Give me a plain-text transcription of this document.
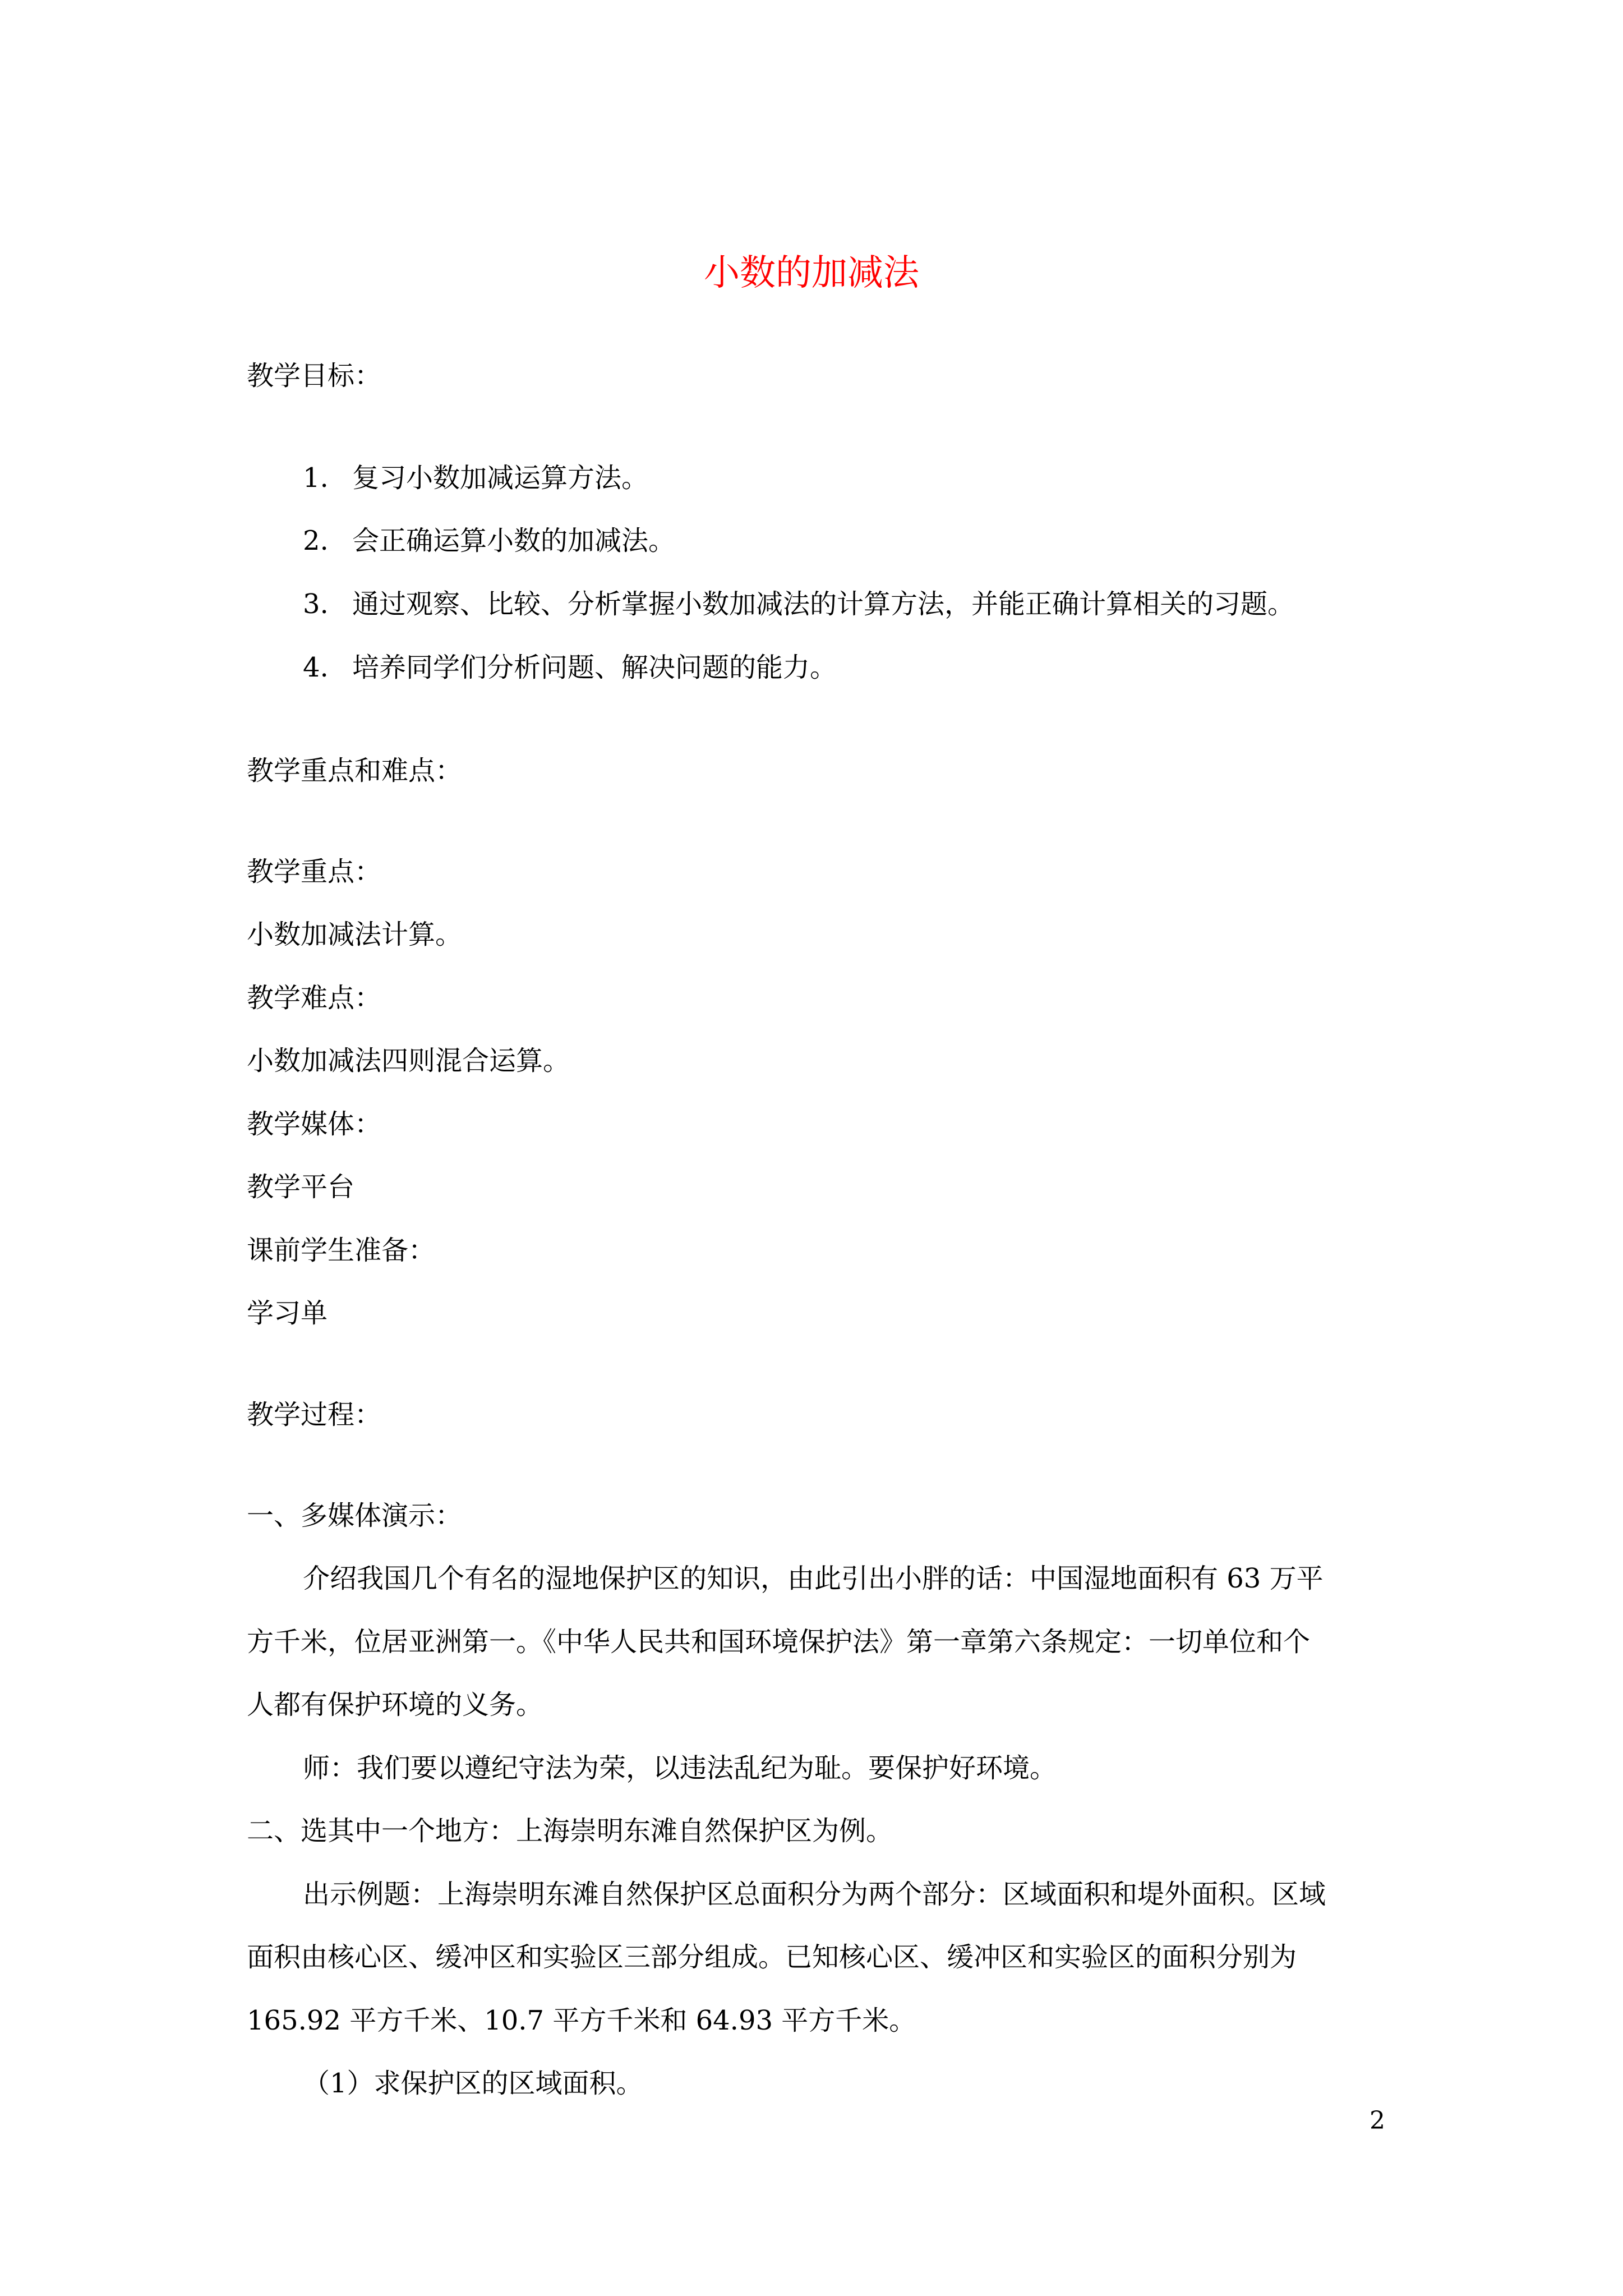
小数的加减法
教学目标：
1. 复习小数加减运算方法。
2. 会正确运算小数的加减法。
3. 通过观察、比较、分析掌握小数加减法的计算方法，并能正确计算相关的习题。
4. 培养同学们分析问题、解决问题的能力。
教学重点和难点：
教学重点：
小数加减法计算。
教学难点：
小数加减法四则混合运算。
教学媒体：
教学平台
课前学生准备：
学习单
教学过程：
一、多媒体演示：
介绍我国几个有名的湿地保护区的知识，由此引出小胖的话：中国湿地面积有 63 万平
方千米，位居亚洲第一。《中华人民共和国环境保护法》第一章第六条规定：一切单位和个
人都有保护环境的义务。
师：我们要以遵纪守法为荣，以违法乱纪为耻。要保护好环境。
二、选其中一个地方：上海崇明东滩自然保护区为例。
出示例题：上海崇明东滩自然保护区总面积分为两个部分：区域面积和堤外面积。区域
面积由核心区、缓冲区和实验区三部分组成。已知核心区、缓冲区和实验区的面积分别为
165.92 平方千米、10.7 平方千米和 64.93 平方千米。
（1）求保护区的区域面积。
2
